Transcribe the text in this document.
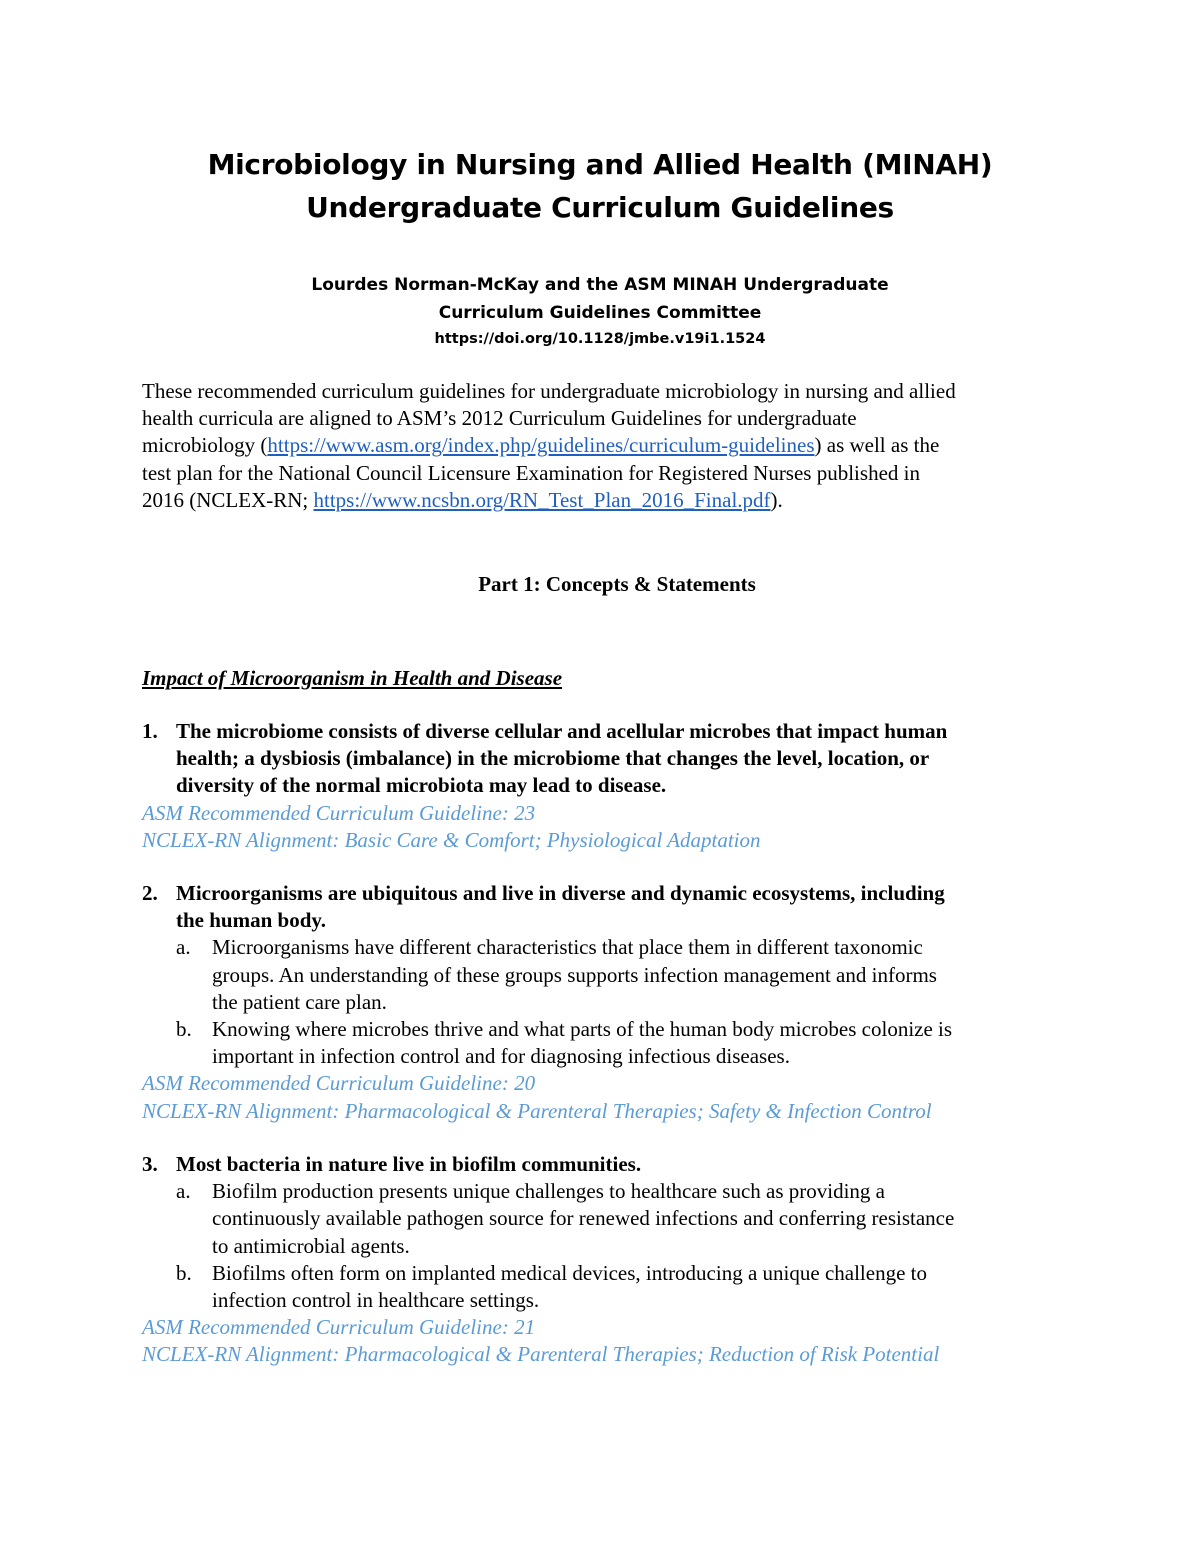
Microbiology in Nursing and Allied Health (MINAH)
Undergraduate Curriculum Guidelines
Lourdes Norman-McKay and the ASM MINAH Undergraduate
Curriculum Guidelines Committee
https://doi.org/10.1128/jmbe.v19i1.1524

These recommended curriculum guidelines for undergraduate microbiology in nursing and allied
health curricula are aligned to ASM’s 2012 Curriculum Guidelines for undergraduate
microbiology (https://www.asm.org/index.php/guidelines/curriculum-guidelines) as well as the
test plan for the National Council Licensure Examination for Registered Nurses published in
2016 (NCLEX-RN; https://www.ncsbn.org/RN_Test_Plan_2016_Final.pdf).

Part 1: Concepts & Statements
Impact of Microorganism in Health and Disease
1. The microbiome consists of diverse cellular and acellular microbes that impact human
health; a dysbiosis (imbalance) in the microbiome that changes the level, location, or
diversity of the normal microbiota may lead to disease.
ASM Recommended Curriculum Guideline: 23
NCLEX-RN Alignment: Basic Care & Comfort; Physiological Adaptation
2. Microorganisms are ubiquitous and live in diverse and dynamic ecosystems, including
the human body.
a. Microorganisms have different characteristics that place them in different taxonomic
groups. An understanding of these groups supports infection management and informs
the patient care plan.
b. Knowing where microbes thrive and what parts of the human body microbes colonize is
important in infection control and for diagnosing infectious diseases.
ASM Recommended Curriculum Guideline: 20
NCLEX-RN Alignment: Pharmacological & Parenteral Therapies; Safety & Infection Control
3. Most bacteria in nature live in biofilm communities.
a. Biofilm production presents unique challenges to healthcare such as providing a
continuously available pathogen source for renewed infections and conferring resistance
to antimicrobial agents.
b. Biofilms often form on implanted medical devices, introducing a unique challenge to
infection control in healthcare settings.
ASM Recommended Curriculum Guideline: 21
NCLEX-RN Alignment: Pharmacological & Parenteral Therapies; Reduction of Risk Potential
